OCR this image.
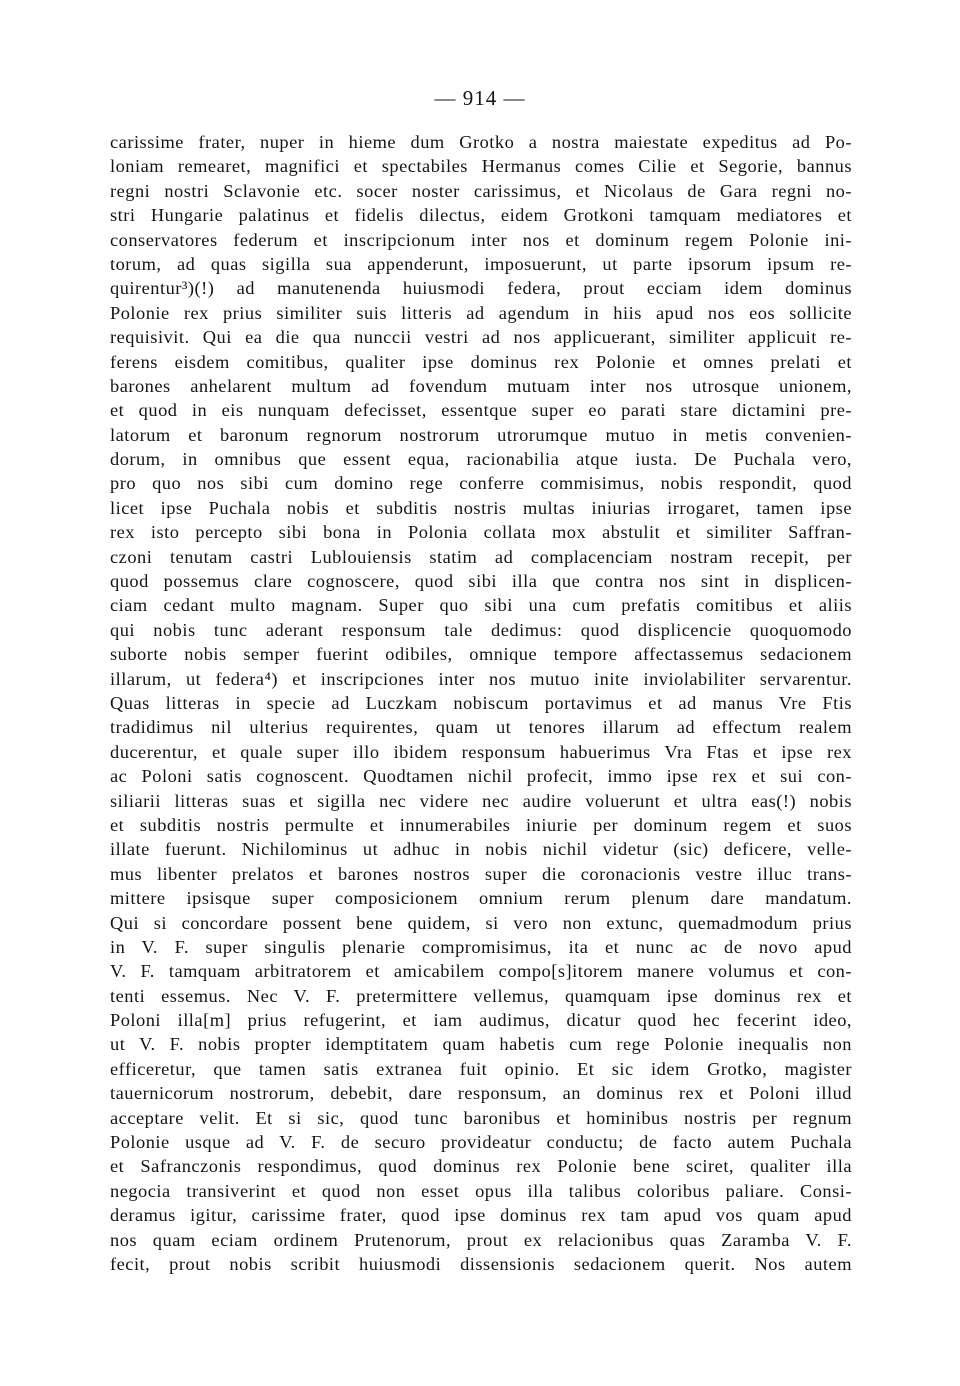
— 914 —
carissime frater, nuper in hieme dum Grotko a nostra maiestate expeditus ad Po-
loniam remearet, magnifici et spectabiles Hermanus comes Cilie et Segorie, bannus
regni nostri Sclavonie etc. socer noster carissimus, et Nicolaus de Gara regni no-
stri Hungarie palatinus et fidelis dilectus, eidem Grotkoni tamquam mediatores et
conservatores federum et inscripcionum inter nos et dominum regem Polonie ini-
torum, ad quas sigilla sua appenderunt, imposuerunt, ut parte ipsorum ipsum re-
quirentur³)(!) ad manutenenda huiusmodi federa, prout ecciam idem dominus
Polonie rex prius similiter suis litteris ad agendum in hiis apud nos eos sollicite
requisivit. Qui ea die qua nunccii vestri ad nos applicuerant, similiter applicuit re-
ferens eisdem comitibus, qualiter ipse dominus rex Polonie et omnes prelati et
barones anhelarent multum ad fovendum mutuam inter nos utrosque unionem,
et quod in eis nunquam defecisset, essentque super eo parati stare dictamini pre-
latorum et baronum regnorum nostrorum utrorumque mutuo in metis convenien-
dorum, in omnibus que essent equa, racionabilia atque iusta. De Puchala vero,
pro quo nos sibi cum domino rege conferre commisimus, nobis respondit, quod
licet ipse Puchala nobis et subditis nostris multas iniurias irrogaret, tamen ipse
rex isto percepto sibi bona in Polonia collata mox abstulit et similiter Saffran-
czoni tenutam castri Lublouiensis statim ad complacenciam nostram recepit, per
quod possemus clare cognoscere, quod sibi illa que contra nos sint in displicen-
ciam cedant multo magnam. Super quo sibi una cum prefatis comitibus et aliis
qui nobis tunc aderant responsum tale dedimus: quod displicencie quoquomodo
suborte nobis semper fuerint odibiles, omnique tempore affectassemus sedacionem
illarum, ut federa⁴) et inscripciones inter nos mutuo inite inviolabiliter servarentur.
Quas litteras in specie ad Luczkam nobiscum portavimus et ad manus Vre Ftis
tradidimus nil ulterius requirentes, quam ut tenores illarum ad effectum realem
ducerentur, et quale super illo ibidem responsum habuerimus Vra Ftas et ipse rex
ac Poloni satis cognoscent. Quodtamen nichil profecit, immo ipse rex et sui con-
siliarii litteras suas et sigilla nec videre nec audire voluerunt et ultra eas(!) nobis
et subditis nostris permulte et innumerabiles iniurie per dominum regem et suos
illate fuerunt. Nichilominus ut adhuc in nobis nichil videtur (sic) deficere, velle-
mus libenter prelatos et barones nostros super die coronacionis vestre illuc trans-
mittere ipsisque super composicionem omnium rerum plenum dare mandatum.
Qui si concordare possent bene quidem, si vero non extunc, quemadmodum prius
in V. F. super singulis plenarie compromisimus, ita et nunc ac de novo apud
V. F. tamquam arbitratorem et amicabilem compo[s]itorem manere volumus et con-
tenti essemus. Nec V. F. pretermittere vellemus, quamquam ipse dominus rex et
Poloni illa[m] prius refugerint, et iam audimus, dicatur quod hec fecerint ideo,
ut V. F. nobis propter idemptitatem quam habetis cum rege Polonie inequalis non
efficeretur, que tamen satis extranea fuit opinio. Et sic idem Grotko, magister
tauernicorum nostrorum, debebit, dare responsum, an dominus rex et Poloni illud
acceptare velit. Et si sic, quod tunc baronibus et hominibus nostris per regnum
Polonie usque ad V. F. de securo provideatur conductu; de facto autem Puchala
et Safranczonis respondimus, quod dominus rex Polonie bene sciret, qualiter illa
negocia transiverint et quod non esset opus illa talibus coloribus paliare. Consi-
deramus igitur, carissime frater, quod ipse dominus rex tam apud vos quam apud
nos quam eciam ordinem Prutenorum, prout ex relacionibus quas Zaramba V. F.
fecit, prout nobis scribit huiusmodi dissensionis sedacionem querit. Nos autem
